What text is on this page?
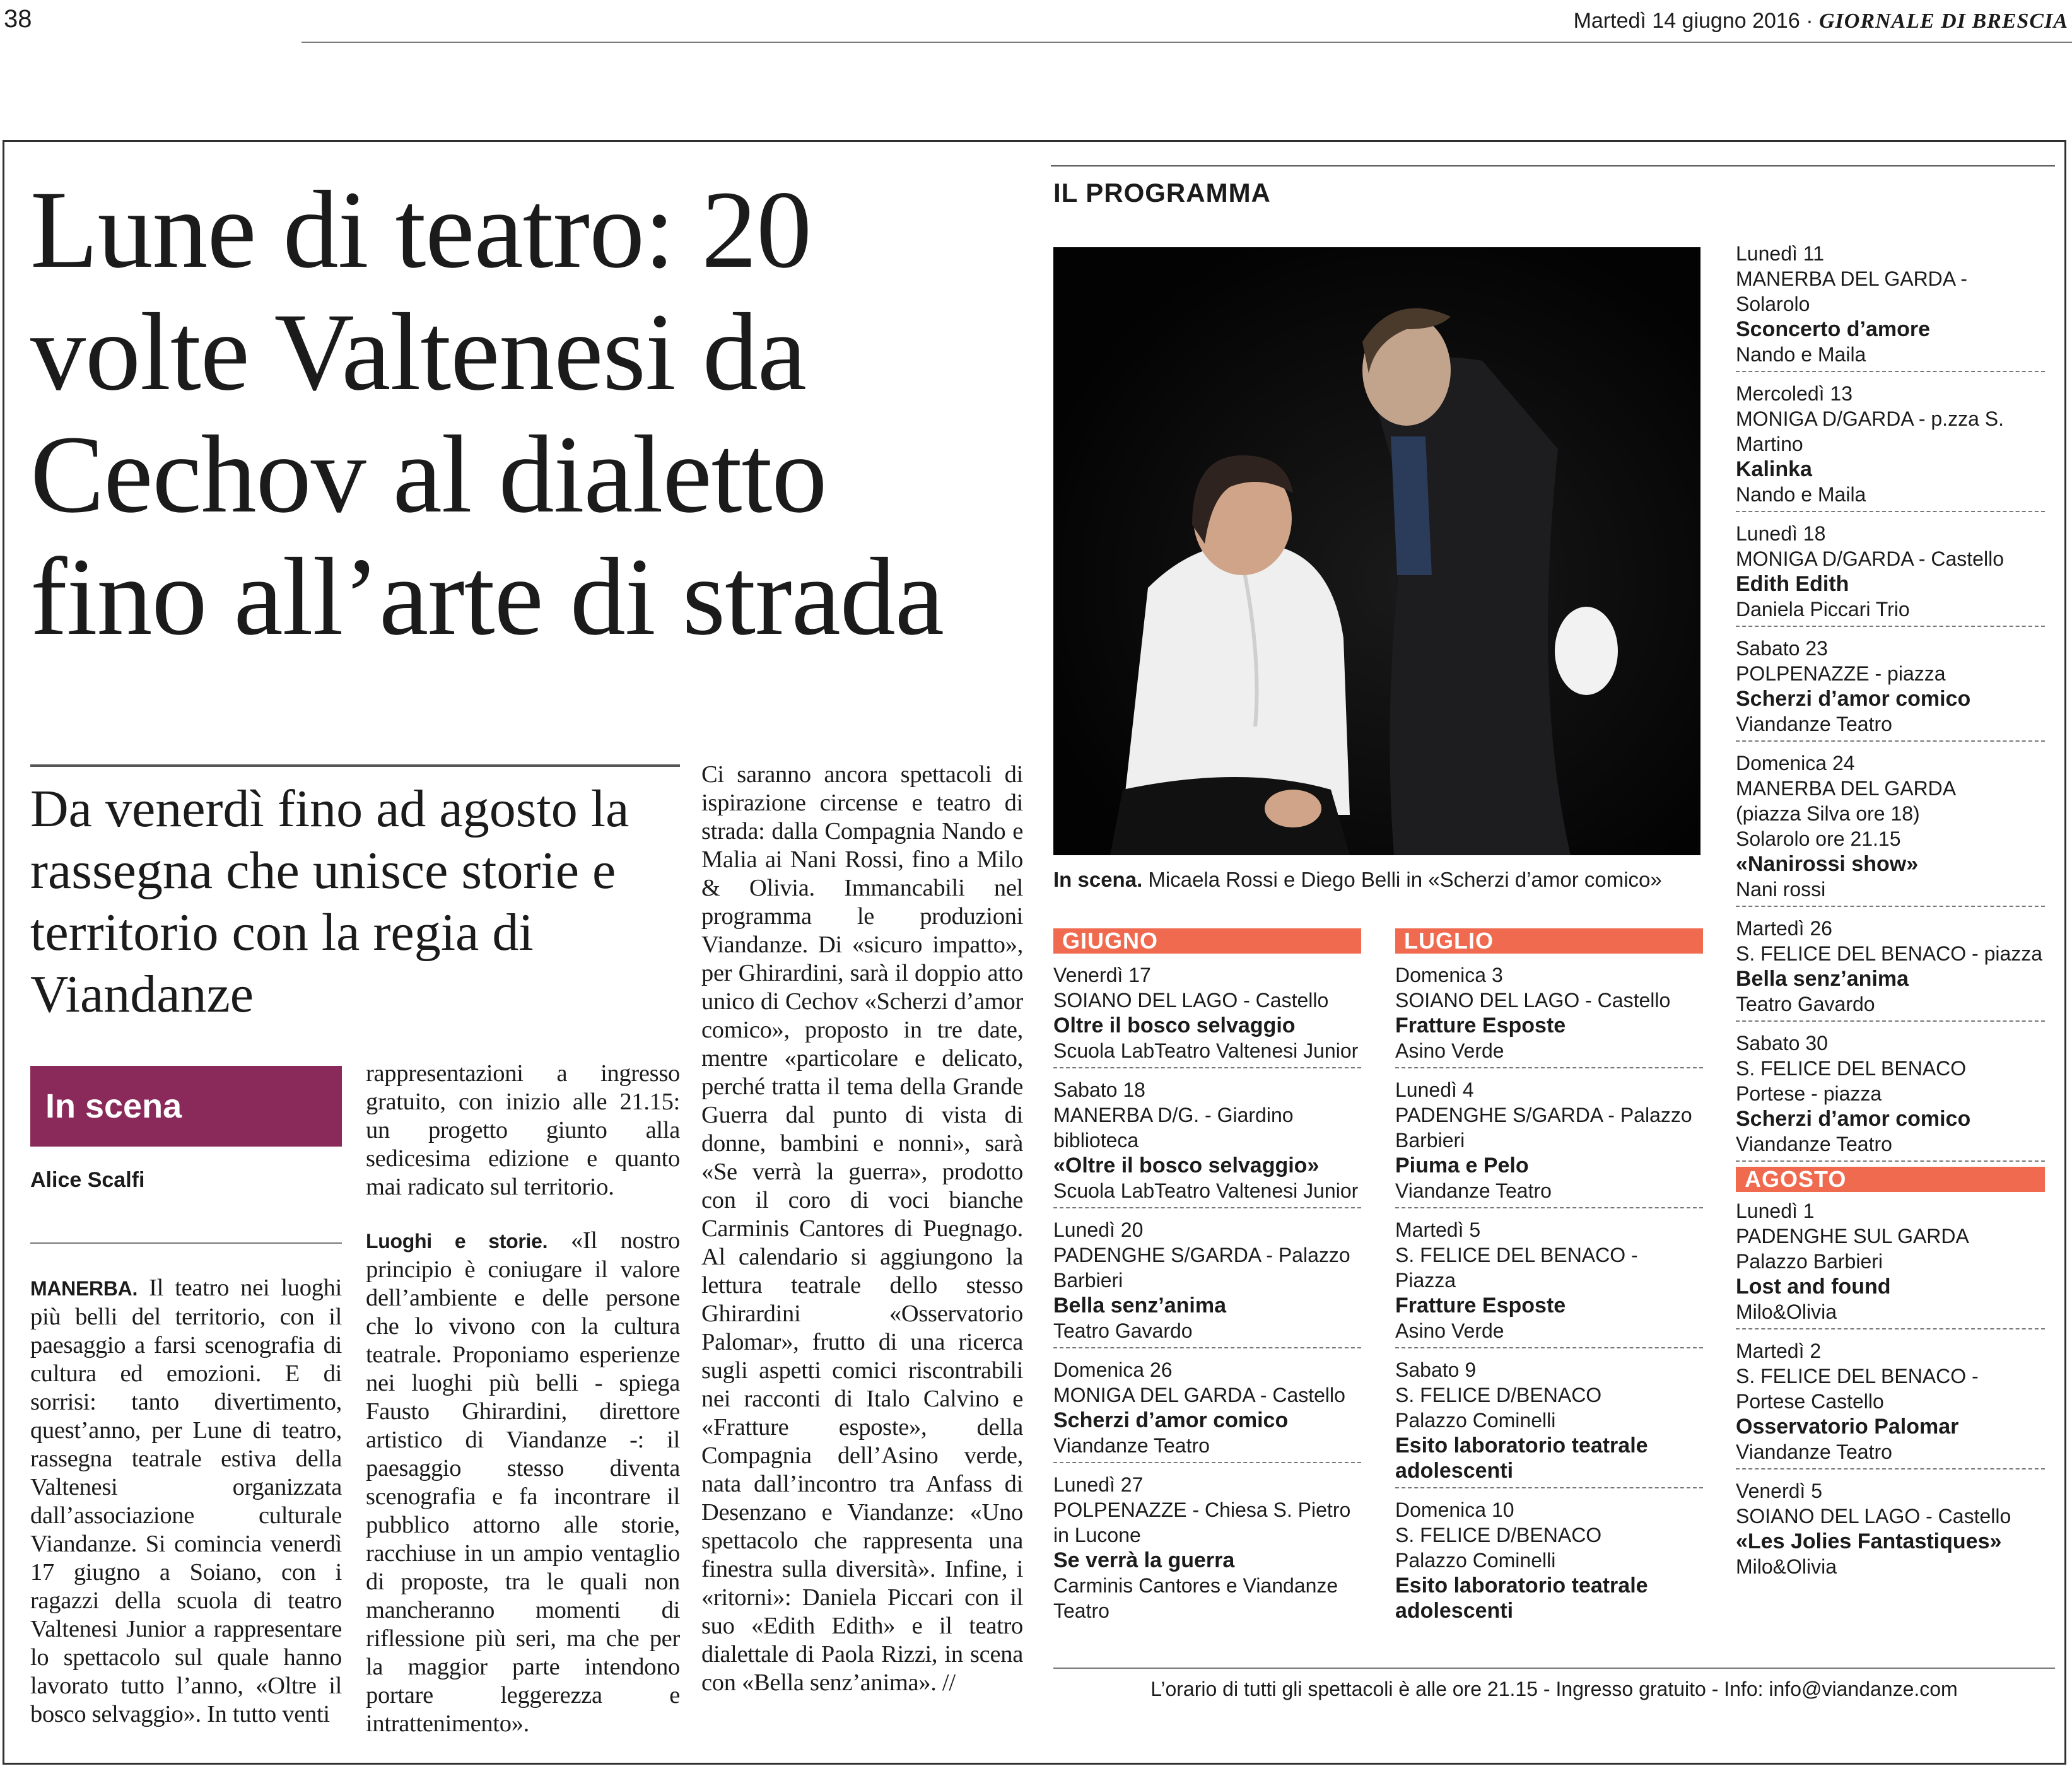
38	Martedì 14 giugno 2016 · GIORNALE DI BRESCIA
Lune di teatro: 20 volte Valtenesi da Cechov al dialetto fino all’arte di strada
Da venerdì fino ad agosto la rassegna che unisce storie e territorio con la regia di Viandanze
In scena
Alice Scalfi
MANERBA. Il teatro nei luoghi più belli del territorio, con il paesaggio a farsi scenografia di cultura ed emozioni. E di sorrisi: tanto divertimento, quest’anno, per Lune di teatro, rassegna teatrale estiva della Valtenesi organizzata dall’associazione culturale Viandanze. Si comincia venerdì 17 giugno a Soiano, con i ragazzi della scuola di teatro Valtenesi Junior a rappresentare lo spettacolo sul quale hanno lavorato tutto l’anno, «Oltre il bosco selvaggio». In tutto venti
rappresentazioni a ingresso gratuito, con inizio alle 21.15: un progetto giunto alla sedicesima edizione e quanto mai radicato sul territorio.
Luoghi e storie. «Il nostro principio è coniugare il valore dell’ambiente e delle persone che lo vivono con la cultura teatrale. Proponiamo esperienze nei luoghi più belli - spiega Fausto Ghirardini, direttore artistico di Viandanze -: il paesaggio stesso diventa scenografia e fa incontrare il pubblico attorno alle storie, racchiuse in un ampio ventaglio di proposte, tra le quali non mancheranno momenti di riflessione più seri, ma che per la maggior parte intendono portare leggerezza e intrattenimento».
Ci saranno ancora spettacoli di ispirazione circense e teatro di strada: dalla Compagnia Nando e Malia ai Nani Rossi, fino a Milo & Olivia. Immancabili nel programma le produzioni Viandanze. Di «sicuro impatto», per Ghirardini, sarà il doppio atto unico di Cechov «Scherzi d’amor comico», proposto in tre date, mentre «particolare e delicato, perché tratta il tema della Grande Guerra dal punto di vista di donne, bambini e nonni», sarà «Se verrà la guerra», prodotto con il coro di voci bianche Carminis Cantores di Puegnago. Al calendario si aggiungono la lettura teatrale dello stesso Ghirardini «Osservatorio Palomar», frutto di una ricerca sugli aspetti comici riscontrabili nei racconti di Italo Calvino e «Fratture esposte», della Compagnia dell’Asino verde, nata dall’incontro tra Anfass di Desenzano e Viandanze: «Uno spettacolo che rappresenta una finestra sulla diversità». Infine, i «ritorni»: Daniela Piccari con il suo «Edith Edith» e il teatro dialettale di Paola Rizzi, in scena con «Bella senz’anima». //
IL PROGRAMMA
In scena. Micaela Rossi e Diego Belli in «Scherzi d’amor comico»
GIUGNO
Venerdì 17
SOIANO DEL LAGO - Castello
Oltre il bosco selvaggio
Scuola LabTeatro Valtenesi Junior
Sabato 18
MANERBA D/G. - Giardino biblioteca
«Oltre il bosco selvaggio»
Scuola LabTeatro Valtenesi Junior
Lunedì 20
PADENGHE S/GARDA - Palazzo Barbieri
Bella senz’anima
Teatro Gavardo
Domenica 26
MONIGA DEL GARDA - Castello
Scherzi d’amor comico
Viandanze Teatro
Lunedì 27
POLPENAZZE - Chiesa S. Pietro in Lucone
Se verrà la guerra
Carminis Cantores e Viandanze Teatro
LUGLIO
Domenica 3
SOIANO DEL LAGO - Castello
Fratture Esposte
Asino Verde
Lunedì 4
PADENGHE S/GARDA - Palazzo Barbieri
Piuma e Pelo
Viandanze Teatro
Martedì 5
S. FELICE DEL BENACO - Piazza
Fratture Esposte
Asino Verde
Sabato 9
S. FELICE D/BENACO
Palazzo Cominelli
Esito laboratorio teatrale adolescenti
Domenica 10
S. FELICE D/BENACO
Palazzo Cominelli
Esito laboratorio teatrale adolescenti
Lunedì 11
MANERBA DEL GARDA - Solarolo
Sconcerto d’amore
Nando e Maila
Mercoledì 13
MONIGA D/GARDA - p.zza S. Martino
Kalinka
Nando e Maila
Lunedì 18
MONIGA D/GARDA - Castello
Edith Edith
Daniela Piccari Trio
Sabato 23
POLPENAZZE - piazza
Scherzi d’amor comico
Viandanze Teatro
Domenica 24
MANERBA DEL GARDA
(piazza Silva ore 18)
Solarolo ore 21.15
«Nanirossi show»
Nani rossi
Martedì 26
S. FELICE DEL BENACO - piazza
Bella senz’anima
Teatro Gavardo
Sabato 30
S. FELICE DEL BENACO
Portese - piazza
Scherzi d’amor comico
Viandanze Teatro
AGOSTO
Lunedì 1
PADENGHE SUL GARDA
Palazzo Barbieri
Lost and found
Milo&Olivia
Martedì 2
S. FELICE DEL BENACO - Portese Castello
Osservatorio Palomar
Viandanze Teatro
Venerdì 5
SOIANO DEL LAGO - Castello
«Les Jolies Fantastiques»
Milo&Olivia
L’orario di tutti gli spettacoli è alle ore 21.15 - Ingresso gratuito - Info: info@viandanze.com
